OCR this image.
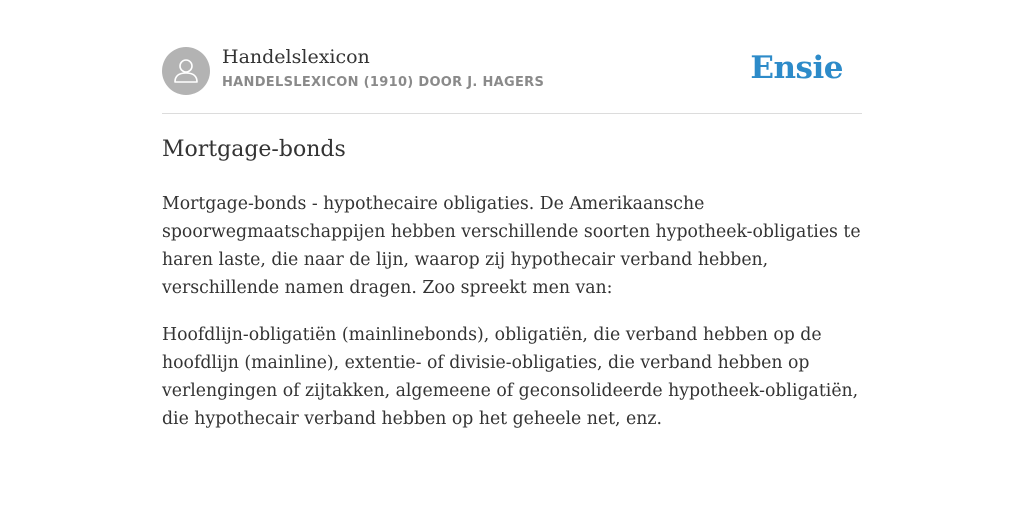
Handelslexicon
HANDELSLEXICON (1910) DOOR J. HAGERS	Ensie
Mortgage-bonds

Mortgage-bonds - hypothecaire obligaties. De Amerikaansche spoorwegmaatschappijen hebben verschillende soorten hypotheek-obligaties te haren laste, die naar de lijn, waarop zij hypothecair verband hebben, verschillende namen dragen. Zoo spreekt men van:

Hoofdlijn-obligatiën (mainlinebonds), obligatiën, die verband hebben op de hoofdlijn (mainline), extentie- of divisie-obligaties, die verband hebben op verlengingen of zijtakken, algemeene of geconsolideerde hypotheek-obligatiën, die hypothecair verband hebben op het geheele net, enz.
